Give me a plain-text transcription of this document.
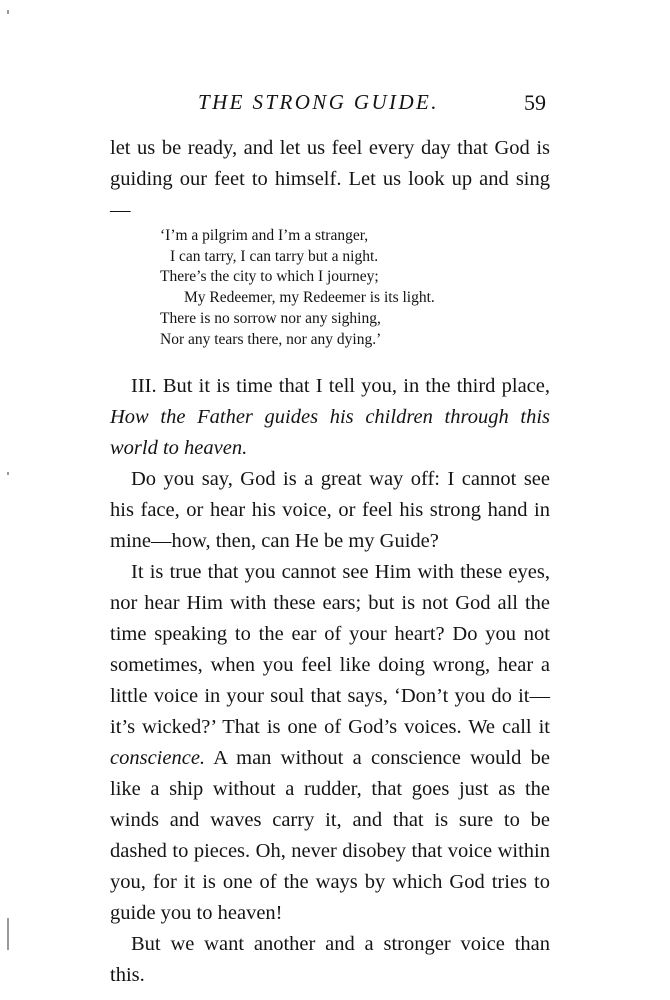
THE STRONG GUIDE.	59

let us be ready, and let us feel every day that God is guiding our feet to himself. Let us look up and sing—

‘I’m a pilgrim and I’m a stranger,
I can tarry, I can tarry but a night.
There’s the city to which I journey;
My Redeemer, my Redeemer is its light.
There is no sorrow nor any sighing,
Nor any tears there, nor any dying.’

III. But it is time that I tell you, in the third place, How the Father guides his children through this world to heaven.

Do you say, God is a great way off: I cannot see his face, or hear his voice, or feel his strong hand in mine—how, then, can He be my Guide?

It is true that you cannot see Him with these eyes, nor hear Him with these ears; but is not God all the time speaking to the ear of your heart? Do you not sometimes, when you feel like doing wrong, hear a little voice in your soul that says, ‘Don’t you do it—it’s wicked?’ That is one of God’s voices. We call it conscience. A man without a conscience would be like a ship without a rudder, that goes just as the winds and waves carry it, and that is sure to be dashed to pieces. Oh, never disobey that voice within you, for it is one of the ways by which God tries to guide you to heaven!

But we want another and a stronger voice than this.
